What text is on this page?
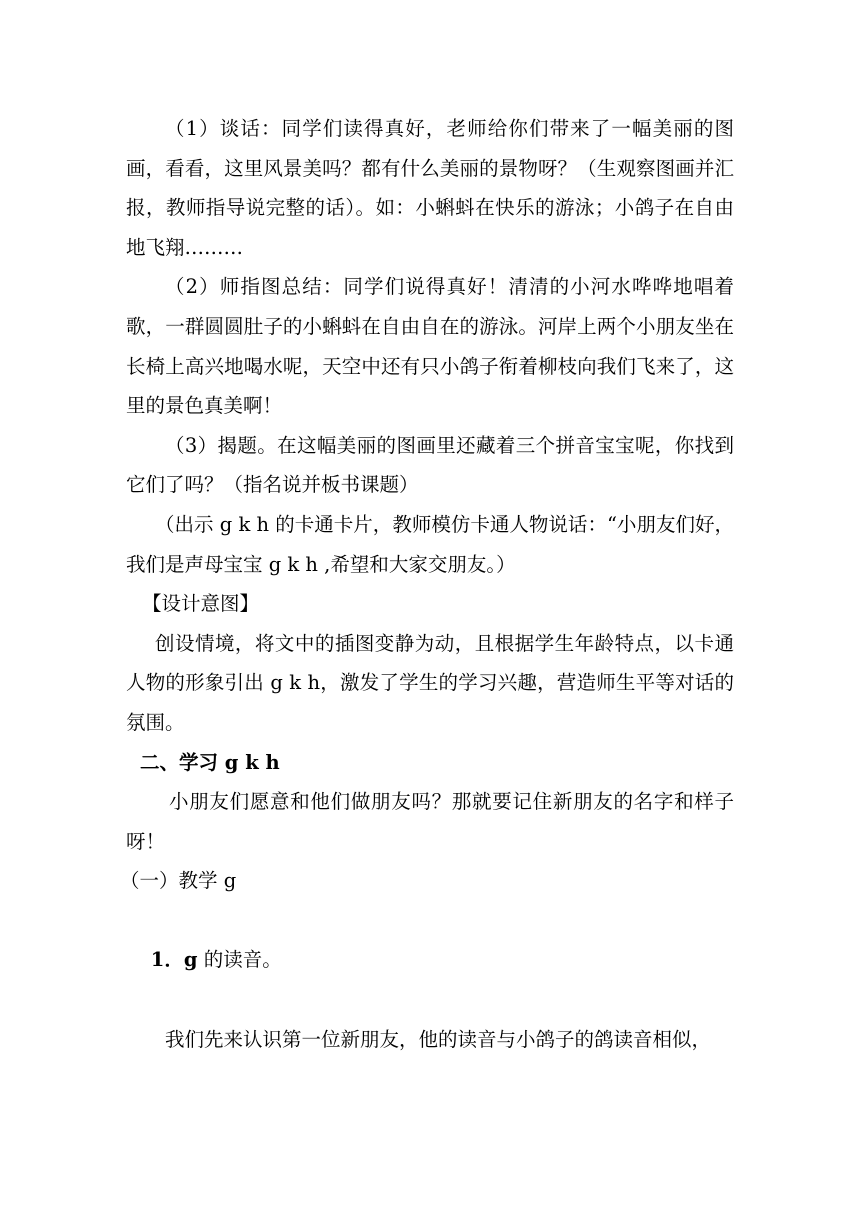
（1）谈话：同学们读得真好，老师给你们带来了一幅美丽的图画，看看，这里风景美吗？都有什么美丽的景物呀？（生观察图画并汇报，教师指导说完整的话）。如：小蝌蚪在快乐的游泳；小鸽子在自由地飞翔………

（2）师指图总结：同学们说得真好！清清的小河水哗哗地唱着歌，一群圆圆肚子的小蝌蚪在自由自在的游泳。河岸上两个小朋友坐在长椅上高兴地喝水呢，天空中还有只小鸽子衔着柳枝向我们飞来了，这里的景色真美啊！

（3）揭题。在这幅美丽的图画里还藏着三个拼音宝宝呢，你找到它们了吗？（指名说并板书课题）

（出示 g k h 的卡通卡片，教师模仿卡通人物说话：“小朋友们好，我们是声母宝宝 g k h ,希望和大家交朋友。）

【设计意图】

创设情境，将文中的插图变静为动，且根据学生年龄特点，以卡通人物的形象引出 g k h，激发了学生的学习兴趣，营造师生平等对话的氛围。

二、学习 g k h

小朋友们愿意和他们做朋友吗？那就要记住新朋友的名字和样子呀！

（一）教学 g

1．g 的读音。

我们先来认识第一位新朋友，他的读音与小鸽子的鸽读音相似，
